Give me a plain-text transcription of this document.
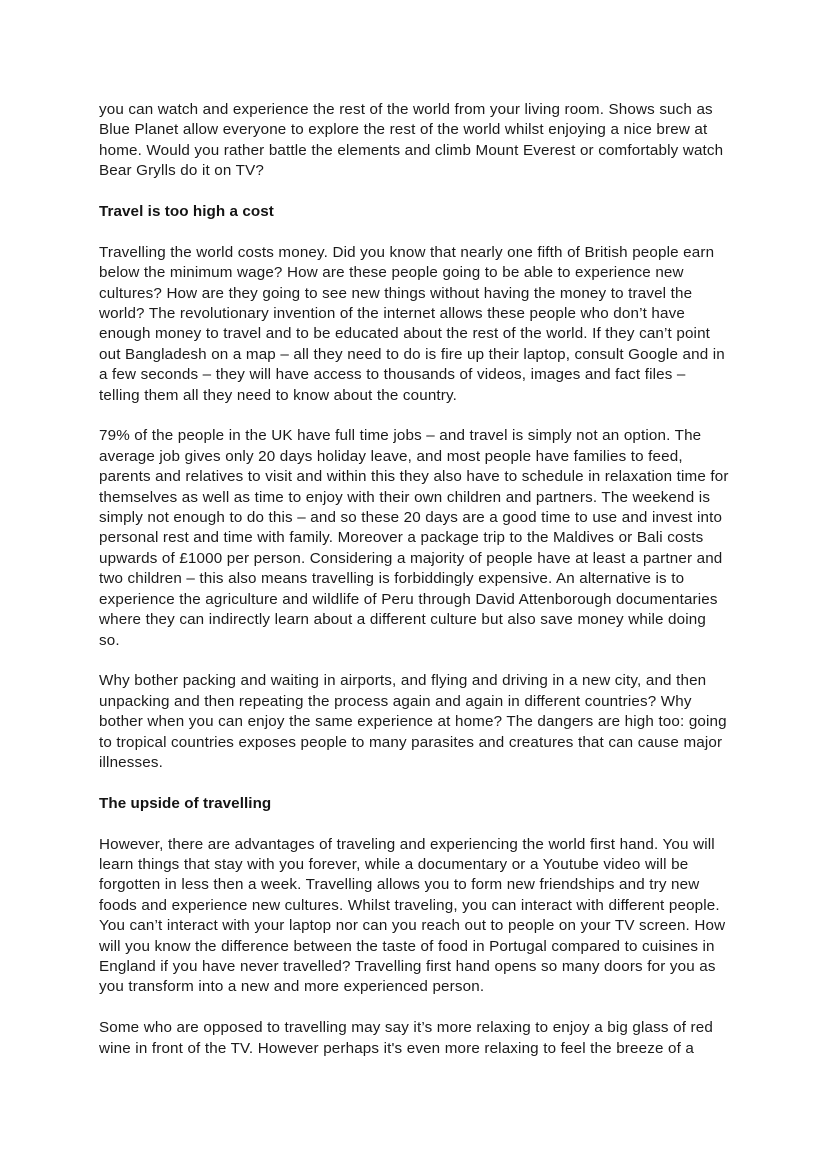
you can watch and experience the rest of the world from your living room. Shows such as Blue Planet allow everyone to explore the rest of the world whilst enjoying a nice brew at home. Would you rather battle the elements and climb Mount Everest or comfortably watch Bear Grylls do it on TV?

Travel is too high a cost

Travelling the world costs money. Did you know that nearly one fifth of British people earn below the minimum wage? How are these people going to be able to experience new cultures? How are they going to see new things without having the money to travel the world? The revolutionary invention of the internet allows these people who don’t have enough money to travel and to be educated about the rest of the world. If they can’t point out Bangladesh on a map – all they need to do is fire up their laptop, consult Google and in a few seconds – they will have access to thousands of videos, images and fact files – telling them all they need to know about the country.

79% of the people in the UK have full time jobs – and travel is simply not an option. The average job gives only 20 days holiday leave, and most people have families to feed, parents and relatives to visit and within this they also have to schedule in relaxation time for themselves as well as time to enjoy with their own children and partners. The weekend is simply not enough to do this – and so these 20 days are a good time to use and invest into personal rest and time with family. Moreover a package trip to the Maldives or Bali costs upwards of £1000 per person. Considering a majority of people have at least a partner and two children – this also means travelling is forbiddingly expensive. An alternative is to experience the agriculture and wildlife of Peru through David Attenborough documentaries where they can indirectly learn about a different culture but also save money while doing so.

Why bother packing and waiting in airports, and flying and driving in a new city, and then unpacking and then repeating the process again and again in different countries? Why bother when you can enjoy the same experience at home? The dangers are high too: going to tropical countries exposes people to many parasites and creatures that can cause major illnesses.

The upside of travelling

However, there are advantages of traveling and experiencing the world first hand. You will learn things that stay with you forever, while a documentary or a Youtube video will be forgotten in less then a week. Travelling allows you to form new friendships and try new foods and experience new cultures. Whilst traveling, you can interact with different people. You can’t interact with your laptop nor can you reach out to people on your TV screen. How will you know the difference between the taste of food in Portugal compared to cuisines in England if you have never travelled? Travelling first hand opens so many doors for you as you transform into a new and more experienced person.

Some who are opposed to travelling may say it’s more relaxing to enjoy a big glass of red wine in front of the TV. However perhaps it's even more relaxing to feel the breeze of a
